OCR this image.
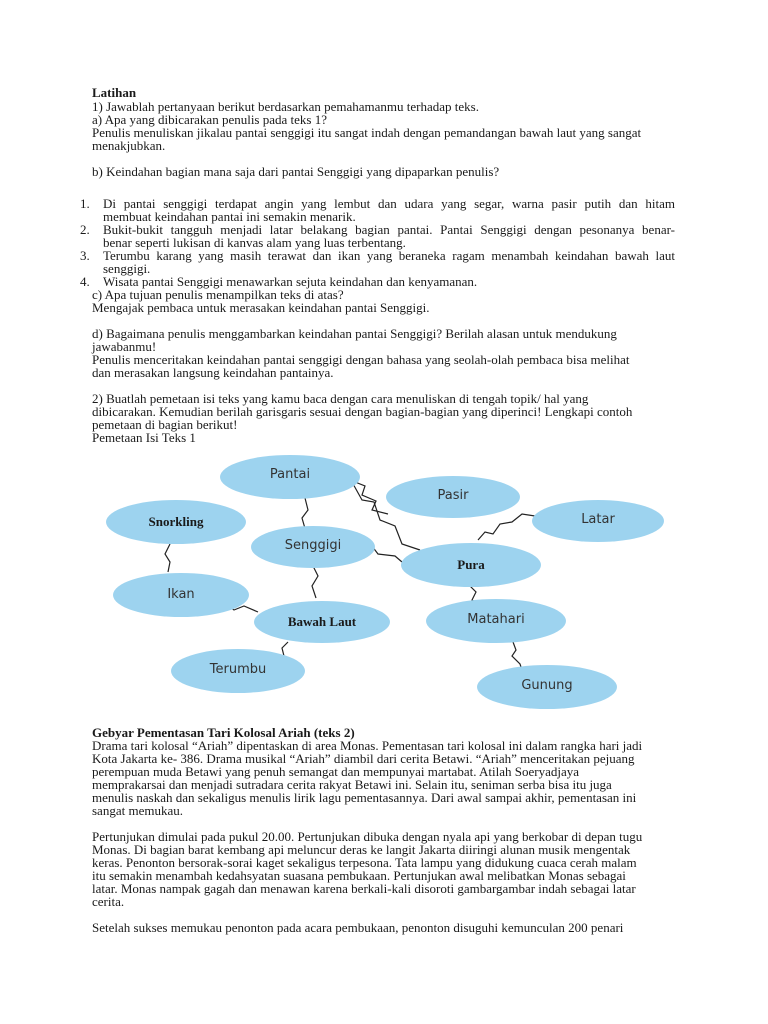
Latihan
1) Jawablah pertanyaan berikut berdasarkan pemahamanmu terhadap teks.
a) Apa yang dibicarakan penulis pada teks 1?
Penulis menuliskan jikalau pantai senggigi itu sangat indah dengan pemandangan bawah laut yang sangat
menakjubkan.
b) Keindahan bagian mana saja dari pantai Senggigi yang dipaparkan penulis?
1. Di pantai senggigi terdapat angin yang lembut dan udara yang segar, warna pasir putih dan hitam
membuat keindahan pantai ini semakin menarik.
2. Bukit-bukit tangguh menjadi latar belakang bagian pantai. Pantai Senggigi dengan pesonanya benar-
benar seperti lukisan di kanvas alam yang luas terbentang.
3. Terumbu karang yang masih terawat dan ikan yang beraneka ragam menambah keindahan bawah laut
senggigi.
4. Wisata pantai Senggigi menawarkan sejuta keindahan dan kenyamanan.
c) Apa tujuan penulis menampilkan teks di atas?
Mengajak pembaca untuk merasakan keindahan pantai Senggigi.
d) Bagaimana penulis menggambarkan keindahan pantai Senggigi? Berilah alasan untuk mendukung
jawabanmu!
Penulis menceritakan keindahan pantai senggigi dengan bahasa yang seolah-olah pembaca bisa melihat
dan merasakan langsung keindahan pantainya.
2) Buatlah pemetaan isi teks yang kamu baca dengan cara menuliskan di tengah topik/ hal yang
dibicarakan. Kemudian berilah garisgaris sesuai dengan bagian-bagian yang diperinci! Lengkapi contoh
pemetaan di bagian berikut!
Pemetaan Isi Teks 1
Pantai
Pasir
Latar
Snorkling
Senggigi
Pura
Ikan
Bawah Laut	Matahari
Terumbu
Gunung
Gebyar Pementasan Tari Kolosal Ariah (teks 2)
Drama tari kolosal “Ariah” dipentaskan di area Monas. Pementasan tari kolosal ini dalam rangka hari jadi
Kota Jakarta ke- 386. Drama musikal “Ariah” diambil dari cerita Betawi. “Ariah” menceritakan pejuang
perempuan muda Betawi yang penuh semangat dan mempunyai martabat. Atilah Soeryadjaya
memprakarsai dan menjadi sutradara cerita rakyat Betawi ini. Selain itu, seniman serba bisa itu juga
menulis naskah dan sekaligus menulis lirik lagu pementasannya. Dari awal sampai akhir, pementasan ini
sangat memukau.
Pertunjukan dimulai pada pukul 20.00. Pertunjukan dibuka dengan nyala api yang berkobar di depan tugu
Monas. Di bagian barat kembang api meluncur deras ke langit Jakarta diiringi alunan musik mengentak
keras. Penonton bersorak-sorai kaget sekaligus terpesona. Tata lampu yang didukung cuaca cerah malam
itu semakin menambah kedahsyatan suasana pembukaan. Pertunjukan awal melibatkan Monas sebagai
latar. Monas nampak gagah dan menawan karena berkali-kali disoroti gambargambar indah sebagai latar
cerita.
Setelah sukses memukau penonton pada acara pembukaan, penonton disuguhi kemunculan 200 penari
